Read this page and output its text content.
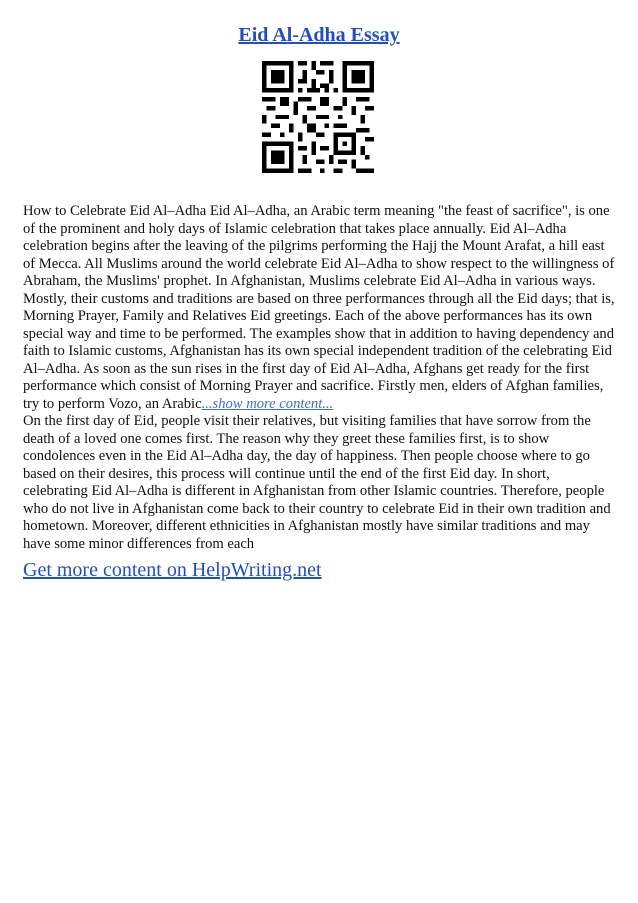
Eid Al-Adha Essay

How to Celebrate Eid Al–Adha Eid Al–Adha, an Arabic term meaning "the feast of sacrifice", is one of the prominent and holy days of Islamic celebration that takes place annually. Eid Al–Adha celebration begins after the leaving of the pilgrims performing the Hajj the Mount Arafat, a hill east of Mecca. All Muslims around the world celebrate Eid Al–Adha to show respect to the willingness of Abraham, the Muslims' prophet. In Afghanistan, Muslims celebrate Eid Al–Adha in various ways. Mostly, their customs and traditions are based on three performances through all the Eid days; that is, Morning Prayer, Family and Relatives Eid greetings. Each of the above performances has its own special way and time to be performed. The examples show that in addition to having dependency and faith to Islamic customs, Afghanistan has its own special independent tradition of the celebrating Eid Al–Adha. As soon as the sun rises in the first day of Eid Al–Adha, Afghans get ready for the first performance which consist of Morning Prayer and sacrifice. Firstly men, elders of Afghan families, try to perform Vozo, an Arabic...show more content...

On the first day of Eid, people visit their relatives, but visiting families that have sorrow from the death of a loved one comes first. The reason why they greet these families first, is to show condolences even in the Eid Al–Adha day, the day of happiness. Then people choose where to go based on their desires, this process will continue until the end of the first Eid day. In short, celebrating Eid Al–Adha is different in Afghanistan from other Islamic countries. Therefore, people who do not live in Afghanistan come back to their country to celebrate Eid in their own tradition and hometown. Moreover, different ethnicities in Afghanistan mostly have similar traditions and may have some minor differences from each

Get more content on HelpWriting.net
